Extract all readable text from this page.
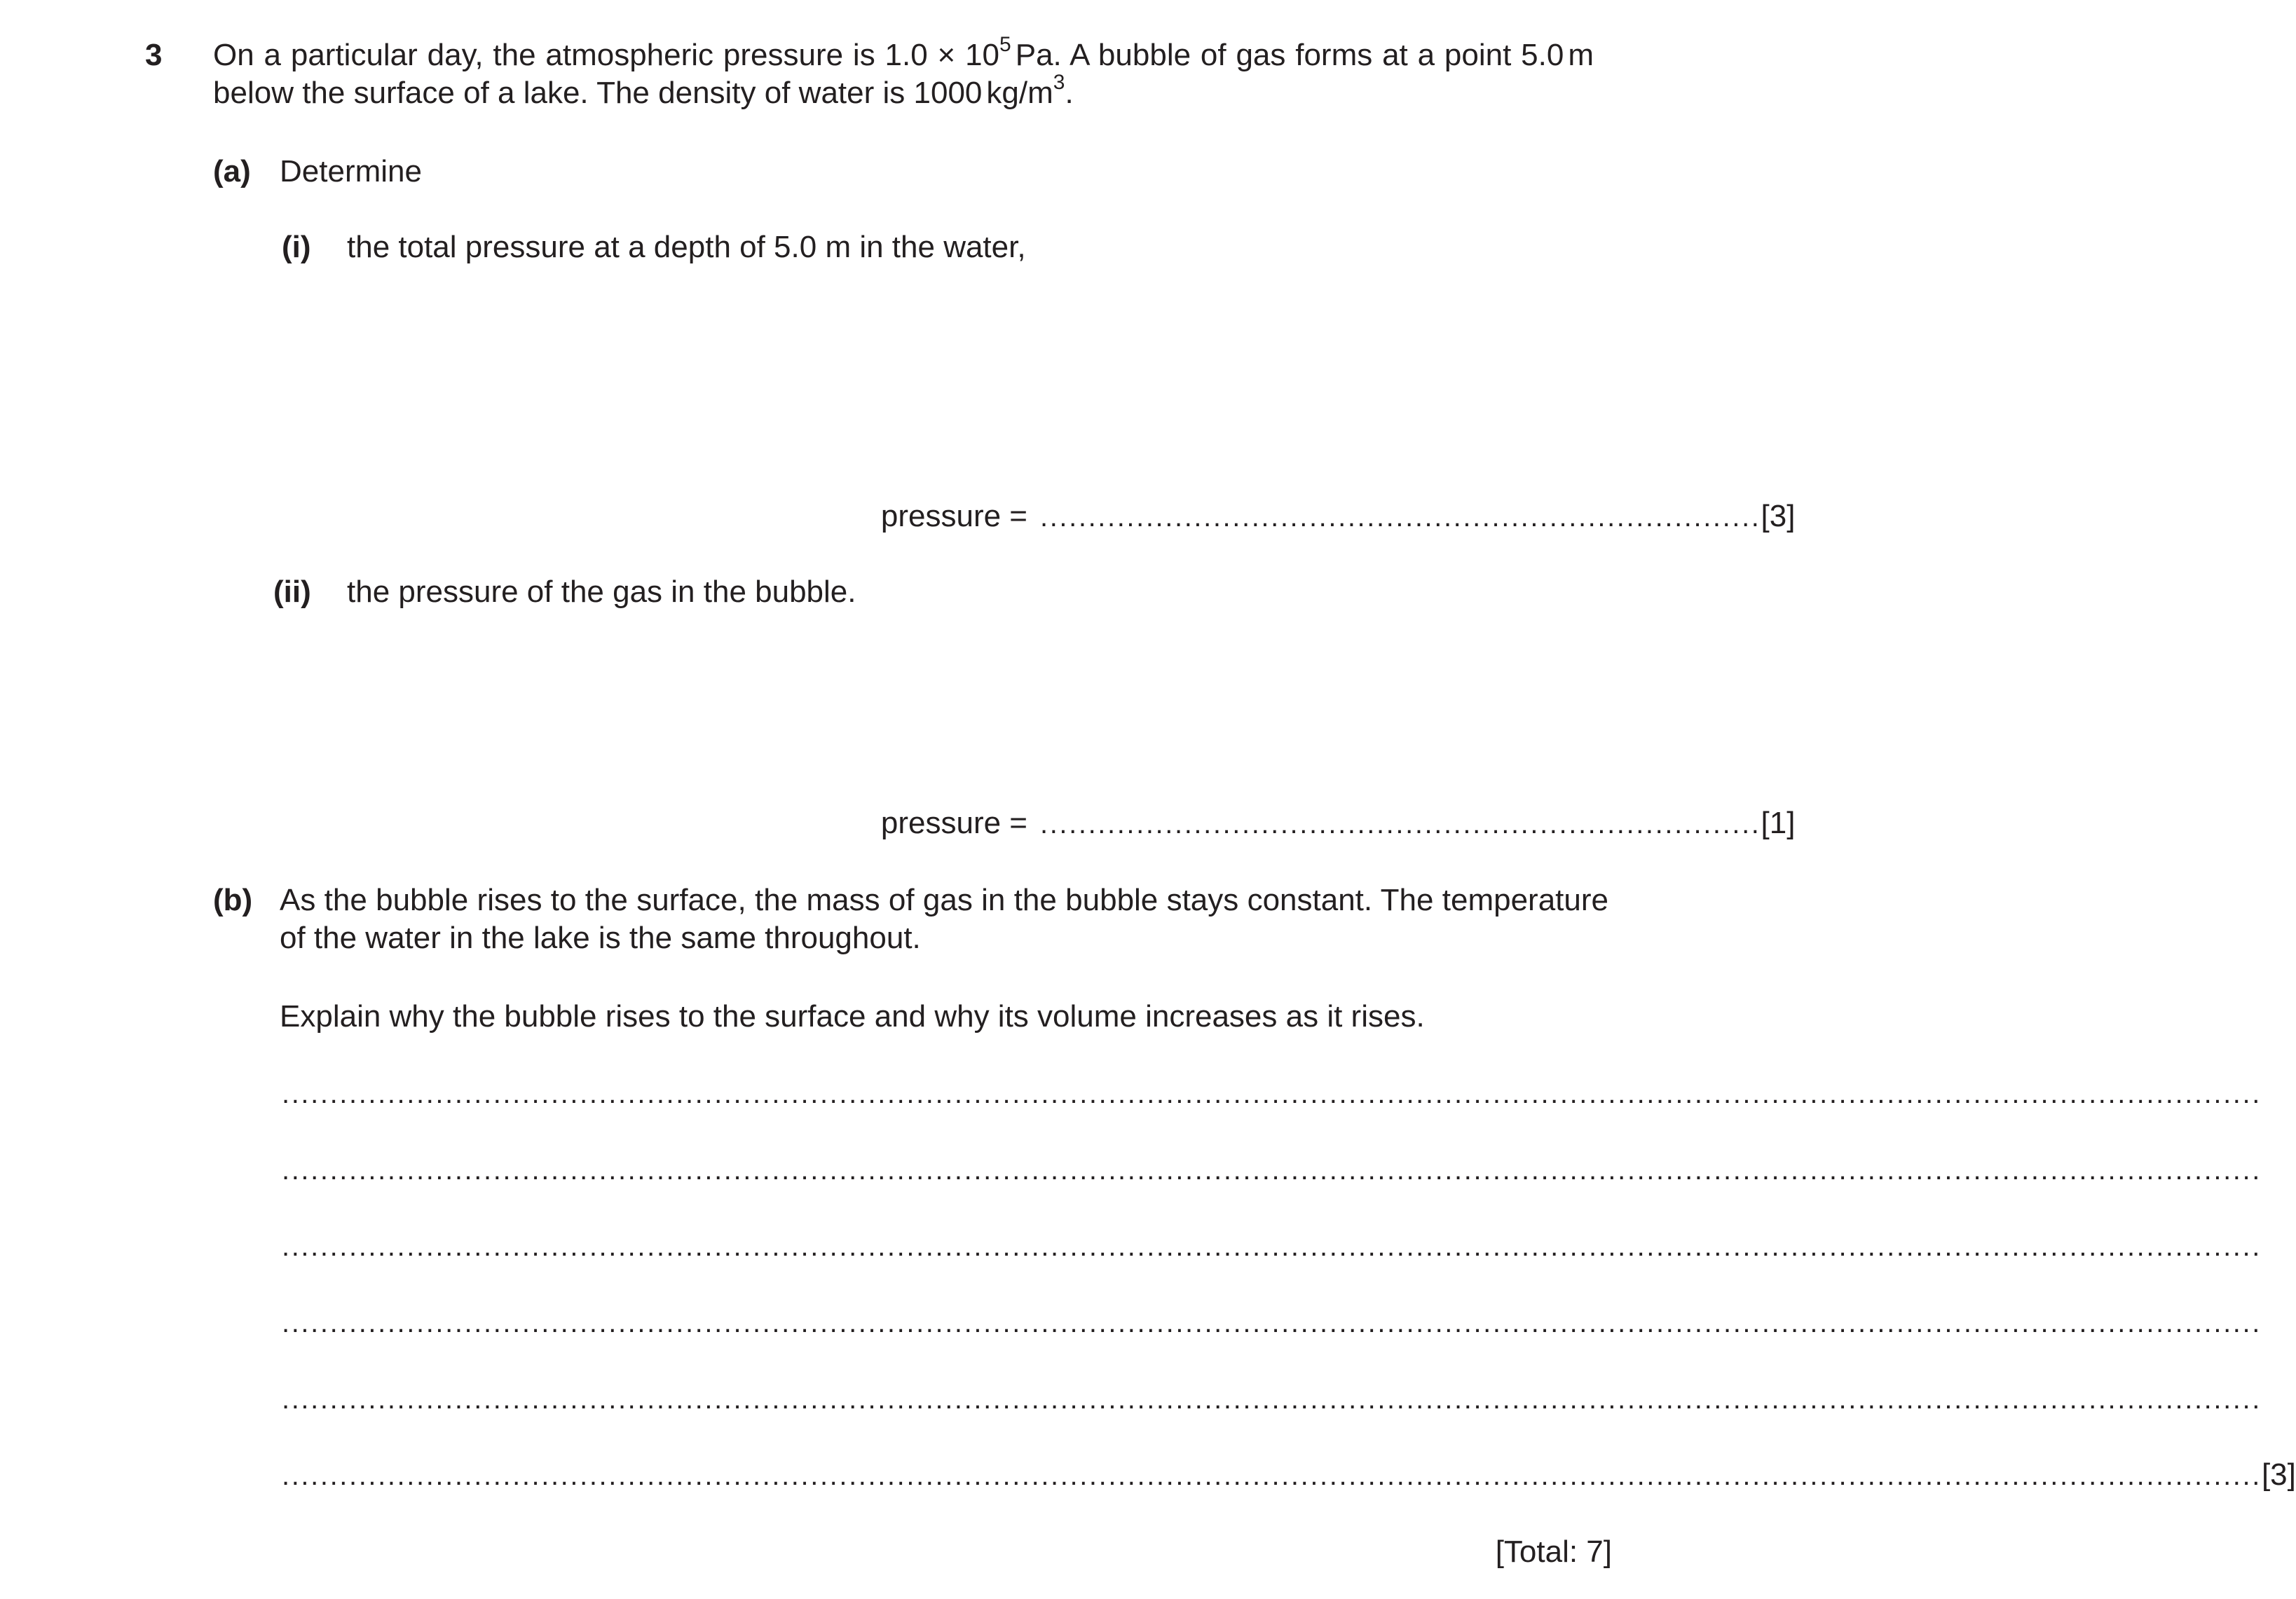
3 On a particular day, the atmospheric pressure is $1.0 \times 10^5$ Pa. A bubble of gas forms at a point 5.0 m below the surface of a lake. The density of water is 1000 $kg/m^3$.
(a) Determine
(i) the total pressure at a depth of 5.0 m in the water,
pressure = ........................................................................... [3]
(ii) the pressure of the gas in the bubble.
pressure = ........................................................................... [1]
(b) As the bubble rises to the surface, the mass of gas in the bubble stays constant. The temperature of the water in the lake is the same throughout.
Explain why the bubble rises to the surface and why its volume increases as it rises.
..............................................................................................................................................................................................................
..............................................................................................................................................................................................................
..............................................................................................................................................................................................................
..............................................................................................................................................................................................................
..............................................................................................................................................................................................................
.............................................................................................................................................................................................................. [3]
[Total: 7]
